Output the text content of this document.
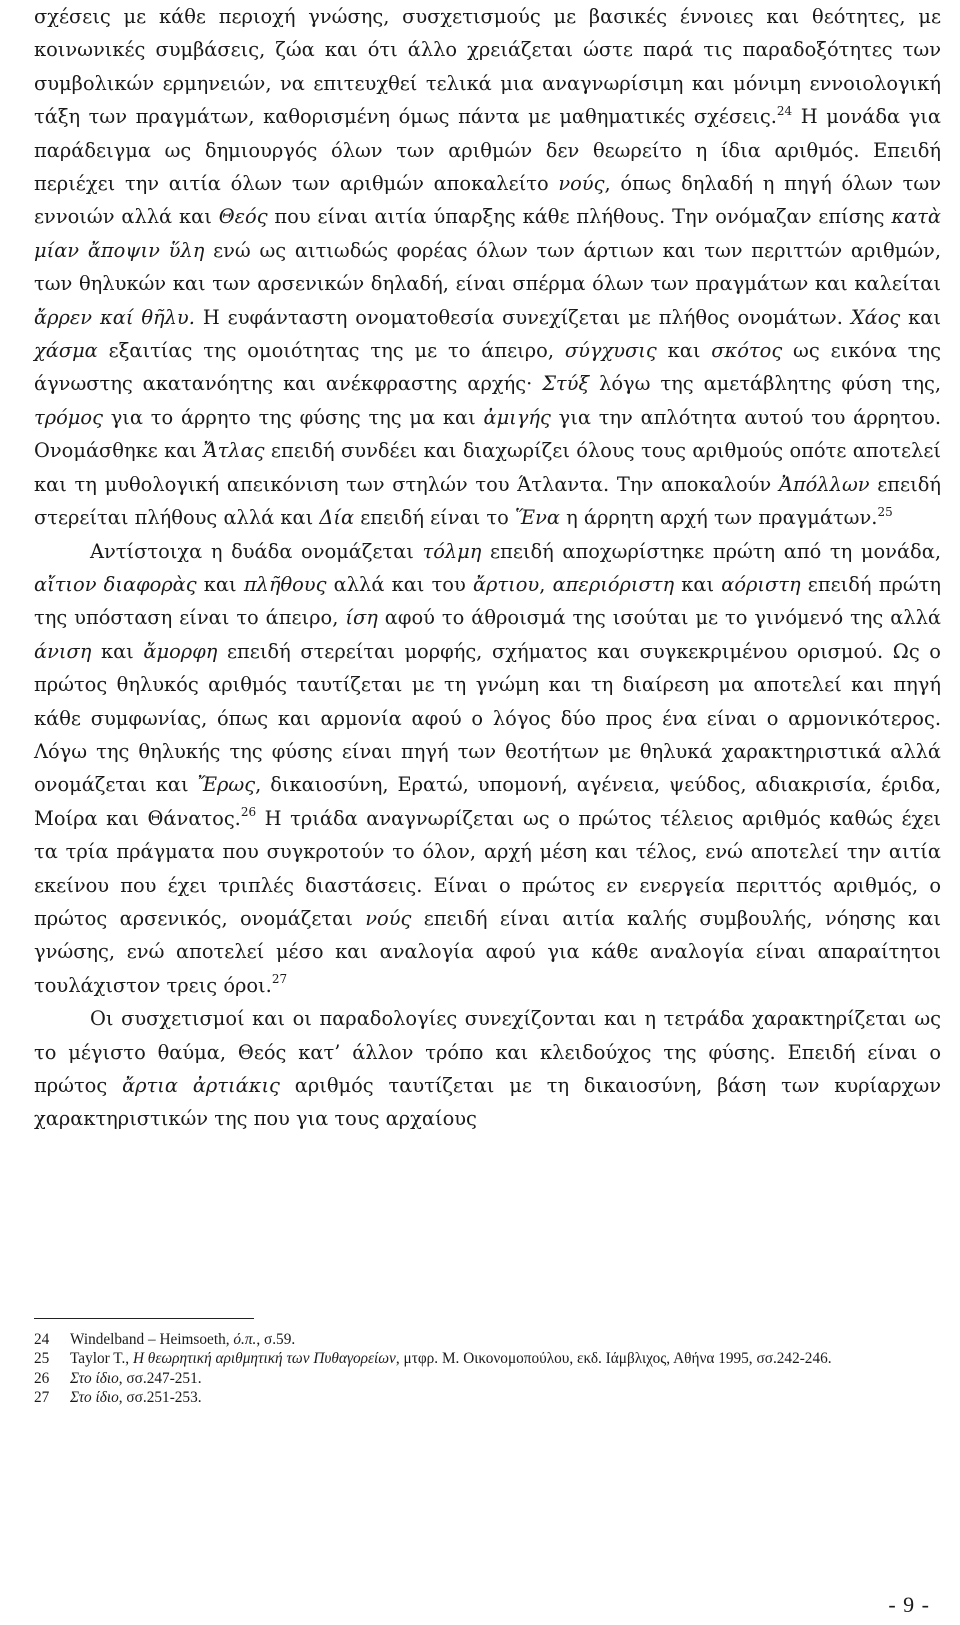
σχέσεις με κάθε περιοχή γνώσης, συσχετισμούς με βασικές έννοιες και θεότητες, με κοινωνικές συμβάσεις, ζώα και ότι άλλο χρειάζεται ώστε παρά τις παραδοξότητες των συμβολικών ερμηνειών, να επιτευχθεί τελικά μια αναγνωρίσιμη και μόνιμη εννοιολογική τάξη των πραγμάτων, καθορισμένη όμως πάντα με μαθηματικές σχέσεις.$^{24}$ Η μονάδα για παράδειγμα ως δημιουργός όλων των αριθμών δεν θεωρείτο η ίδια αριθμός. Επειδή περιέχει την αιτία όλων των αριθμών αποκαλείτο νούς, όπως δηλαδή η πηγή όλων των εννοιών αλλά και Θεός που είναι αιτία ύπαρξης κάθε πλήθους. Την ονόμαζαν επίσης κατὰ μίαν ἄποψιν ὕλη ενώ ως αιτιωδώς φορέας όλων των άρτιων και των περιττών αριθμών, των θηλυκών και των αρσενικών δηλαδή, είναι σπέρμα όλων των πραγμάτων και καλείται ἄρρεν καί θῆλυ. Η ευφάνταστη ονοματοθεσία συνεχίζεται με πλήθος ονομάτων. Χάος και χάσμα εξαιτίας της ομοιότητας της με το άπειρο, σύγχυσις και σκότος ως εικόνα της άγνωστης ακατανόητης και ανέκφραστης αρχής· Στύξ λόγω της αμετάβλητης φύση της, τρόμος για το άρρητο της φύσης της μα και ἀμιγής για την απλότητα αυτού του άρρητου. Ονομάσθηκε και Ἄτλας επειδή συνδέει και διαχωρίζει όλους τους αριθμούς οπότε αποτελεί και τη μυθολογική απεικόνιση των στηλών του Άτλαντα. Την αποκαλούν Ἀπόλλων επειδή στερείται πλήθους αλλά και Δία επειδή είναι το Ἕνα η άρρητη αρχή των πραγμάτων.$^{25}$

Αντίστοιχα η δυάδα ονομάζεται τόλμη επειδή αποχωρίστηκε πρώτη από τη μονάδα, αἴτιον διαφορὰς και πλῆθους αλλά και του ἄρτιου, απεριόριστη και αόριστη επειδή πρώτη της υπόσταση είναι το άπειρο, ίση αφού το άθροισμά της ισούται με το γινόμενό της αλλά άνιση και ἄμορφη επειδή στερείται μορφής, σχήματος και συγκεκριμένου ορισμού. Ως ο πρώτος θηλυκός αριθμός ταυτίζεται με τη γνώμη και τη διαίρεση μα αποτελεί και πηγή κάθε συμφωνίας, όπως και αρμονία αφού ο λόγος δύο προς ένα είναι ο αρμονικότερος. Λόγω της θηλυκής της φύσης είναι πηγή των θεοτήτων με θηλυκά χαρακτηριστικά αλλά ονομάζεται και Ἔρως, δικαιοσύνη, Ερατώ, υπομονή, αγένεια, ψεύδος, αδιακρισία, έριδα, Μοίρα και Θάνατος.$^{26}$ Η τριάδα αναγνωρίζεται ως ο πρώτος τέλειος αριθμός καθώς έχει τα τρία πράγματα που συγκροτούν το όλον, αρχή μέση και τέλος, ενώ αποτελεί την αιτία εκείνου που έχει τριπλές διαστάσεις. Είναι ο πρώτος εν ενεργεία περιττός αριθμός, ο πρώτος αρσενικός, ονομάζεται νούς επειδή είναι αιτία καλής συμβουλής, νόησης και γνώσης, ενώ αποτελεί μέσο και αναλογία αφού για κάθε αναλογία είναι απαραίτητοι τουλάχιστον τρεις όροι.$^{27}$

Οι συσχετισμοί και οι παραδολογίες συνεχίζονται και η τετράδα χαρακτηρίζεται ως το μέγιστο θαύμα, Θεός κατ’ άλλον τρόπο και κλειδούχος της φύσης. Επειδή είναι ο πρώτος ἄρτια ἀρτιάκις αριθμός ταυτίζεται με τη δικαιοσύνη, βάση των κυρίαρχων χαρακτηριστικών της που για τους αρχαίους

24	Windelband – Heimsoeth, ό.π., σ.59.
25	Taylor T., Η θεωρητική αριθμητική των Πυθαγορείων, μτφρ. Μ. Οικονομοπούλου, εκδ. Ιάμβλιχος, Αθήνα 1995, σσ.242-246.
26	Στο ίδιο, σσ.247-251.
27	Στο ίδιο, σσ.251-253.
- 9 -
